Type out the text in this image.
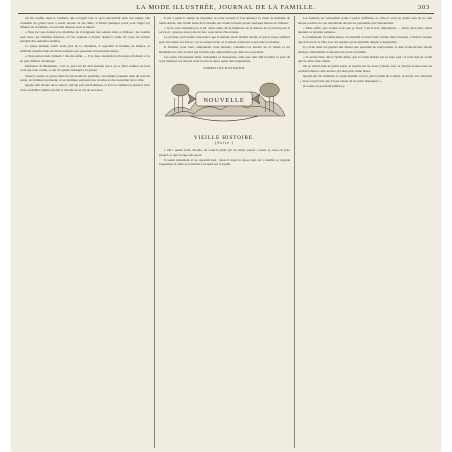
LA MODE ILLUSTRÉE, JOURNAL DE LA FAMILLE.	303

lui fut confiée dans le bonheur, qui occupait tout ce qu'il rencontrait dans son temps, elle consentit de grand cœur à rester auprès de ses amis, il fallait quelques jours pour régler les affaires de la famille, et tout était disposé pour le départ.

« Vous ne vous doutez pas, madame, de la longueur des soirées dans ce château ; les voisins sont rares, les chemins mauvais, et l'on s'ennuie à mourir quand la pluie ne cesse de tomber pendant des semaines entières.

Le jeune homme s'était assis près de la cheminée, il regardait la flamme en silence, et semblait absorbé dans de tristes pensées que personne n'osait interrompre.

« Vous partez donc demain ? dit-elle enfin. — Il le faut, répondit-il, mon père m'attend, et je ne puis différer davantage.

Monsieur de Beaumont, c'est ce que l'on dit d'un homme qui a su se faire estimer de tous ceux qui l'ont connu, et qui n'a jamais manqué à sa parole.

Toute la soirée se passa ainsi en conversations paisibles ; les enfants jouaient dans un coin du salon, les femmes brodaient, et les hommes parlaient des récoltes et des nouvelles de la ville.

Quand vint l'heure de se retirer, chacun prit son flambeau, et l'on se souhaita le bonsoir avec cette cordialité simple qui fait le charme de la vie de province.

Il eut à peine le temps de répondre, la porte s'ouvrit et l'on annonça la visite de madame de Saint-Aubin, une vieille amie de la famille qui venait souvent passer quelques heures au château.

« Je ne vous attendais pas si tôt, chère amie, dit la maîtresse de la maison en se levant pour la recevoir ; asseyez-vous près du feu, vous devez être transie.

Le docteur avait donné l'assurance que le malade serait bientôt rétabli, et que le repos suffirait pour lui rendre ses forces ; on se rassura donc, et la gaieté revint peu à peu dans la maison.

Il faudrait, pour bien comprendre cette histoire, connaître les mœurs de ce temps et les habitudes de cette société qui n'existe plus aujourd'hui que dans nos souvenirs.

Les jours s'écoulaient ainsi, tranquilles et monotones, sans que rien vînt troubler la paix de cette demeure où chacun avait trouvé le repos après tant d'agitations.

EMMELINE RAYMOND.

NOUVELLE
VIEILLE HISTOIRE.
(Suite.)

« Oh ! quelle folie, dit-elle, de vouloir partir par un temps pareil ; restez, je vous en prie, jusqu'à ce que l'orage soit passé.

Il sourit tristement et ne répondit rien ; mais il reprit sa place près de la fenêtre et regarda longtemps la pluie qui tombait à torrents sur le jardin.

Les femmes ne s'entendent point à parler d'affaires, et celle-ci avait eu grand soin de ne rien laisser paraître de son inquiétude devant les personnes qui l'entouraient.

« Mais enfin, que voulez-vous que je fasse ? dit-il avec impatience. — Rien, mon ami, sinon attendre et prendre patience.

Le lendemain, de bonne heure, on entendit le bruit d'une voiture dans l'avenue ; c'était le notaire qui arrivait de la ville avec les papiers qu'on attendait depuis si longtemps.

Il y avait dans ces papiers des choses que personne ne soupçonnait, et dont la découverte devait changer entièrement la situation de toute la famille.

« Je savais bien, dit la vieille dame, que la vérité finirait par se faire jour ; il n'est rien de caché qui ne doive être connu.

On se réunit dans le grand salon, le notaire lut les actes à haute voix, et chacun écouta dans un profond silence cette lecture qui dura plus d'une heure.

Quand elle fut terminée, le jeune homme se leva, prit la main de sa mère, et lui dit avec émotion : « Vous voyez bien que j'avais raison de ne point désespérer. »

(La suite au prochain numéro.)
